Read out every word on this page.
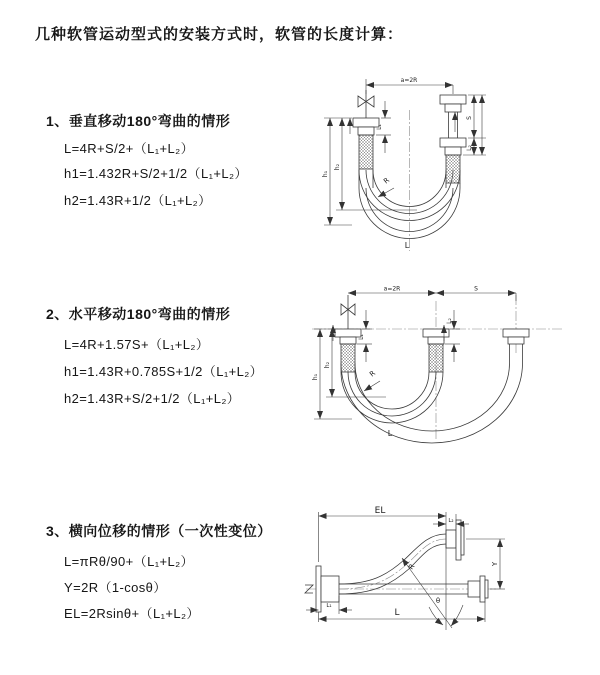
几种软管运动型式的安装方式时，软管的长度计算：
1、垂直移动180°弯曲的情形
L=4R+S/2+（L₁+L₂）
h1=1.432R+S/2+1/2（L₁+L₂）
h2=1.43R+1/2（L₁+L₂）
a=2R
h₁
h₂
L₁
R
S
L₂
L
2、水平移动180°弯曲的情形
L=4R+1.57S+（L₁+L₂）
h1=1.43R+0.785S+1/2（L₁+L₂）
h2=1.43R+S/2+1/2（L₁+L₂）
a=2R	S
h₁
h₂
L₁
L₂
R
L
3、横向位移的情形（一次性变位）
L=πRθ/90+（L₁+L₂）
Y=2R（1-cosθ）
EL=2Rsinθ+（L₁+L₂）
EL
L₂
Y
R
θ
L
L₁
